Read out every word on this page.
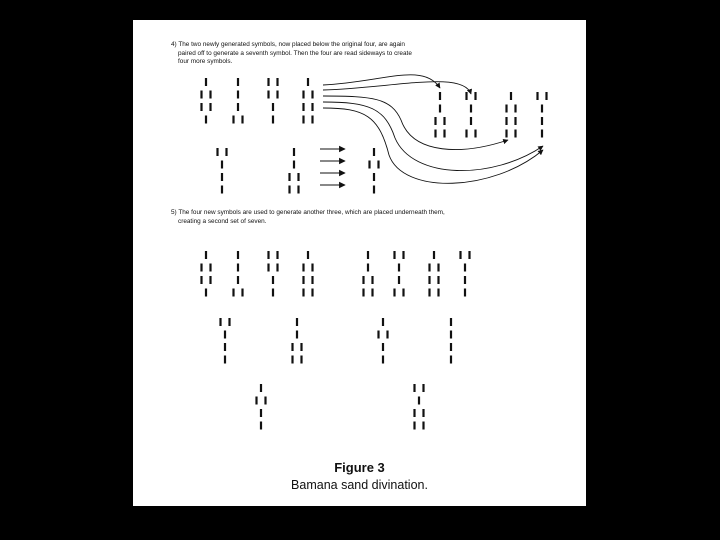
4) The two newly generated symbols, now placed below the original four, are again
paired off to generate a seventh symbol. Then the four are read sideways to create
four more symbols.
5) The four new symbols are used to generate another three, which are placed underneath them,
creating a second set of seven.
Figure 3
Bamana sand divination.
